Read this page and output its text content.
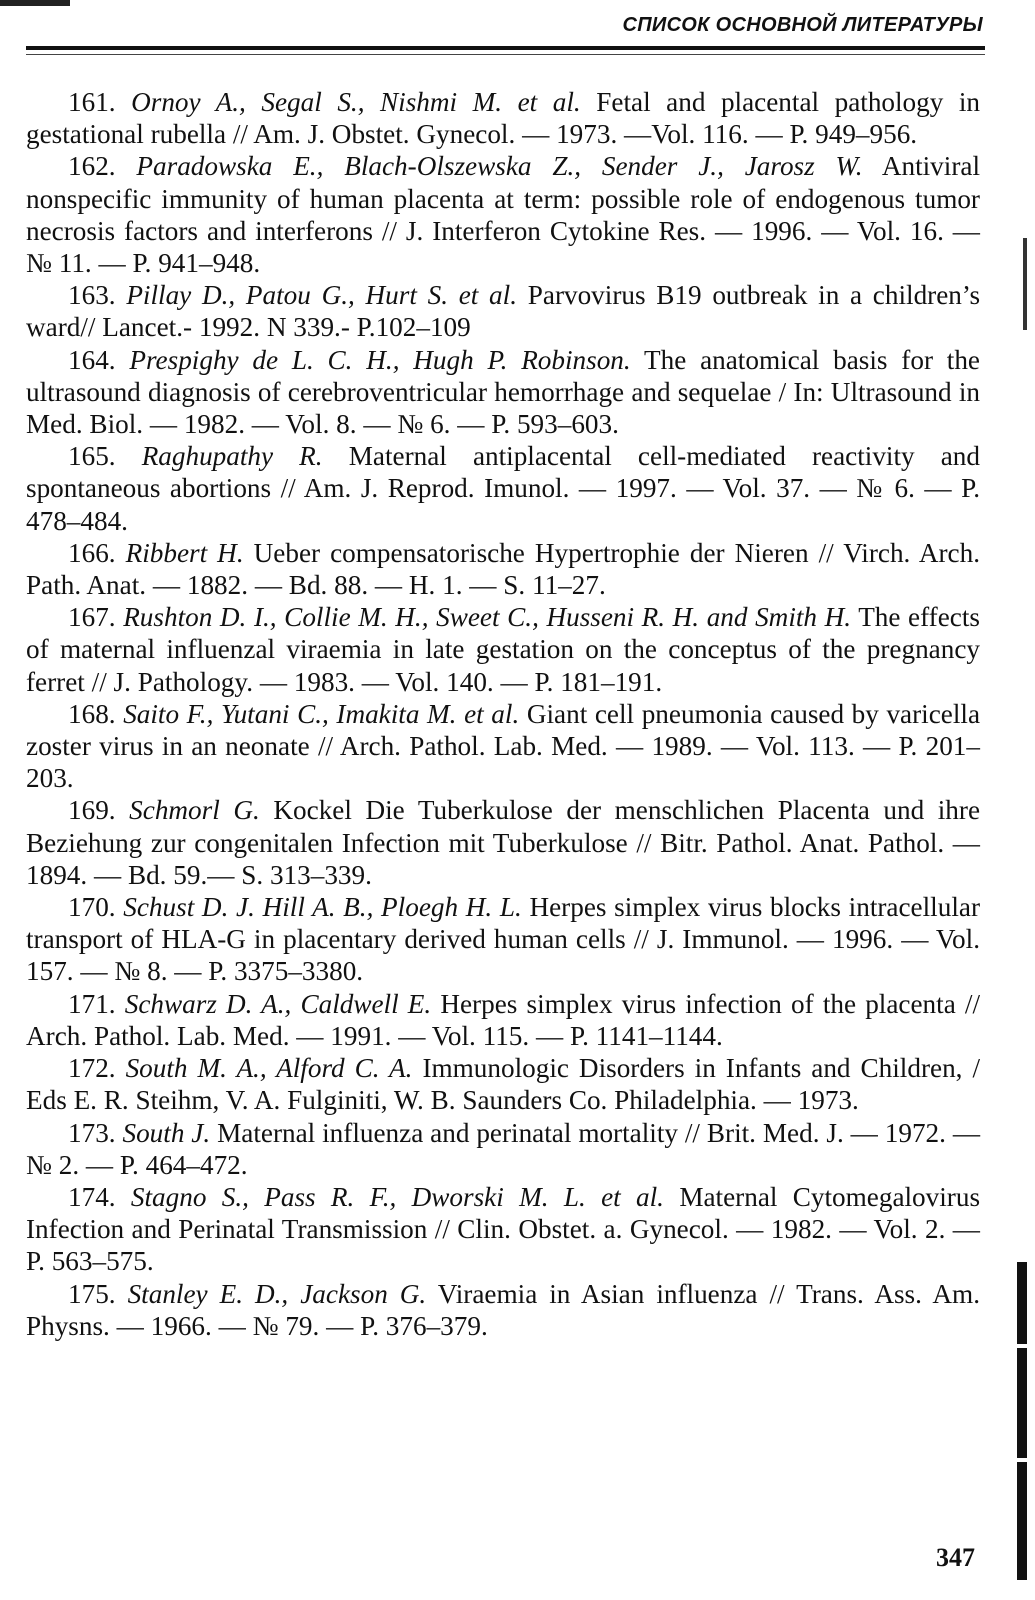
СПИСОК ОСНОВНОЙ ЛИТЕРАТУРЫ
161. Ornoy A., Segal S., Nishmi M. et al. Fetal and placental pathology in gestational rubella // Am. J. Obstet. Gynecol. — 1973. —Vol. 116. — P. 949–956.
162. Paradowska E., Blach-Olszewska Z., Sender J., Jarosz W. Antiviral nonspecific immunity of human placenta at term: possible role of endogenous tumor necrosis factors and interferons // J. Interferon Cytokine Res. — 1996. — Vol. 16. — № 11. — P. 941–948.
163. Pillay D., Patou G., Hurt S. et al. Parvovirus B19 outbreak in a children’s ward// Lancet.- 1992. N 339.- P.102–109
164. Prespighy de L. C. H., Hugh P. Robinson. The anatomical basis for the ultrasound diagnosis of cerebroventricular hemorrhage and sequelae / In: Ultrasound in Med. Biol. — 1982. — Vol. 8. — № 6. — P. 593–603.
165. Raghupathy R. Maternal antiplacental cell-mediated reactivity and spontaneous abortions // Am. J. Reprod. Imunol. — 1997. — Vol. 37. — № 6. — P. 478–484.
166. Ribbert H. Ueber compensatorische Hypertrophie der Nieren // Virch. Arch. Path. Anat. — 1882. — Bd. 88. — H. 1. — S. 11–27.
167. Rushton D. I., Collie M. H., Sweet C., Husseni R. H. and Smith H. The effects of maternal influenzal viraemia in late gestation on the conceptus of the pregnancy ferret // J. Pathology. — 1983. — Vol. 140. — P. 181–191.
168. Saito F., Yutani C., Imakita M. et al. Giant cell pneumonia caused by varicella zoster virus in an neonate // Arch. Pathol. Lab. Med. — 1989. — Vol. 113. — P. 201–203.
169. Schmorl G. Kockel Die Tuberkulose der menschlichen Placenta und ihre Beziehung zur congenitalen Infection mit Tuberkulose // Bitr. Pathol. Anat. Pathol. — 1894. — Bd. 59.— S. 313–339.
170. Schust D. J. Hill A. B., Ploegh H. L. Herpes simplex virus blocks intracellular transport of HLA-G in placentary derived human cells // J. Immunol. — 1996. — Vol. 157. — № 8. — P. 3375–3380.
171. Schwarz D. A., Caldwell E. Herpes simplex virus infection of the placenta // Arch. Pathol. Lab. Med. — 1991. — Vol. 115. — P. 1141–1144.
172. South M. A., Alford C. A. Immunologic Disorders in Infants and Children, / Eds E. R. Steihm, V. A. Fulginiti, W. B. Saunders Co. Philadelphia. — 1973.
173. South J. Maternal influenza and perinatal mortality // Brit. Med. J. — 1972. — № 2. — P. 464–472.
174. Stagno S., Pass R. F., Dworski M. L. et al. Maternal Cytomegalovirus Infection and Perinatal Transmission // Clin. Obstet. a. Gynecol. — 1982. — Vol. 2. —P. 563–575.
175. Stanley E. D., Jackson G. Viraemia in Asian influenza // Trans. Ass. Am. Physns. — 1966. — № 79. — P. 376–379.
347
